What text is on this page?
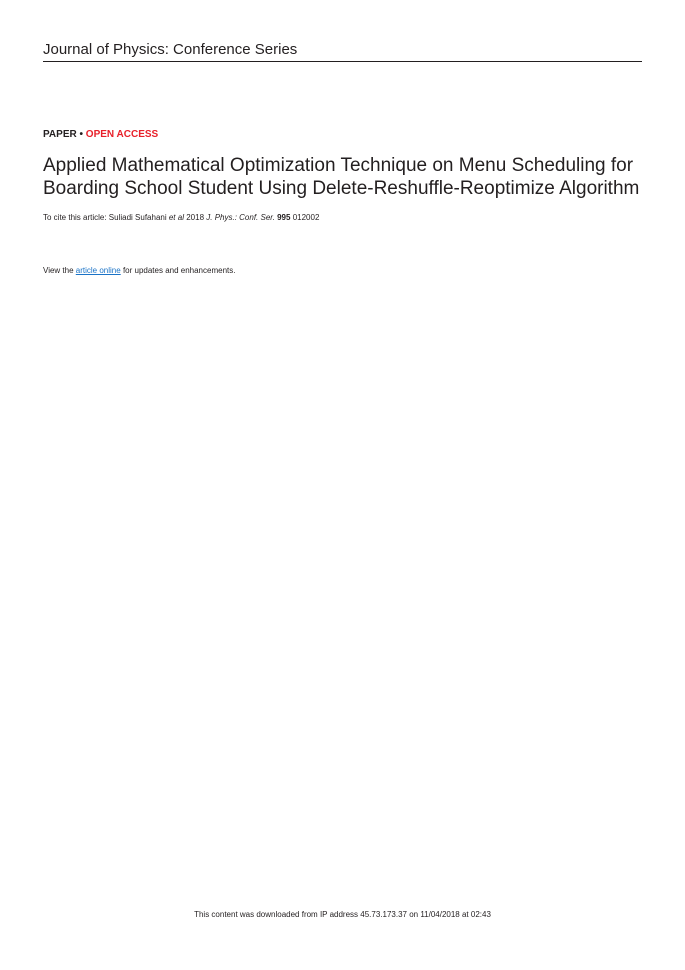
Journal of Physics: Conference Series
PAPER • OPEN ACCESS
Applied Mathematical Optimization Technique on Menu Scheduling for
Boarding School Student Using Delete-Reshuffle-Reoptimize Algorithm
To cite this article: Suliadi Sufahani et al 2018 J. Phys.: Conf. Ser. 995 012002
View the article online for updates and enhancements.
This content was downloaded from IP address 45.73.173.37 on 11/04/2018 at 02:43
